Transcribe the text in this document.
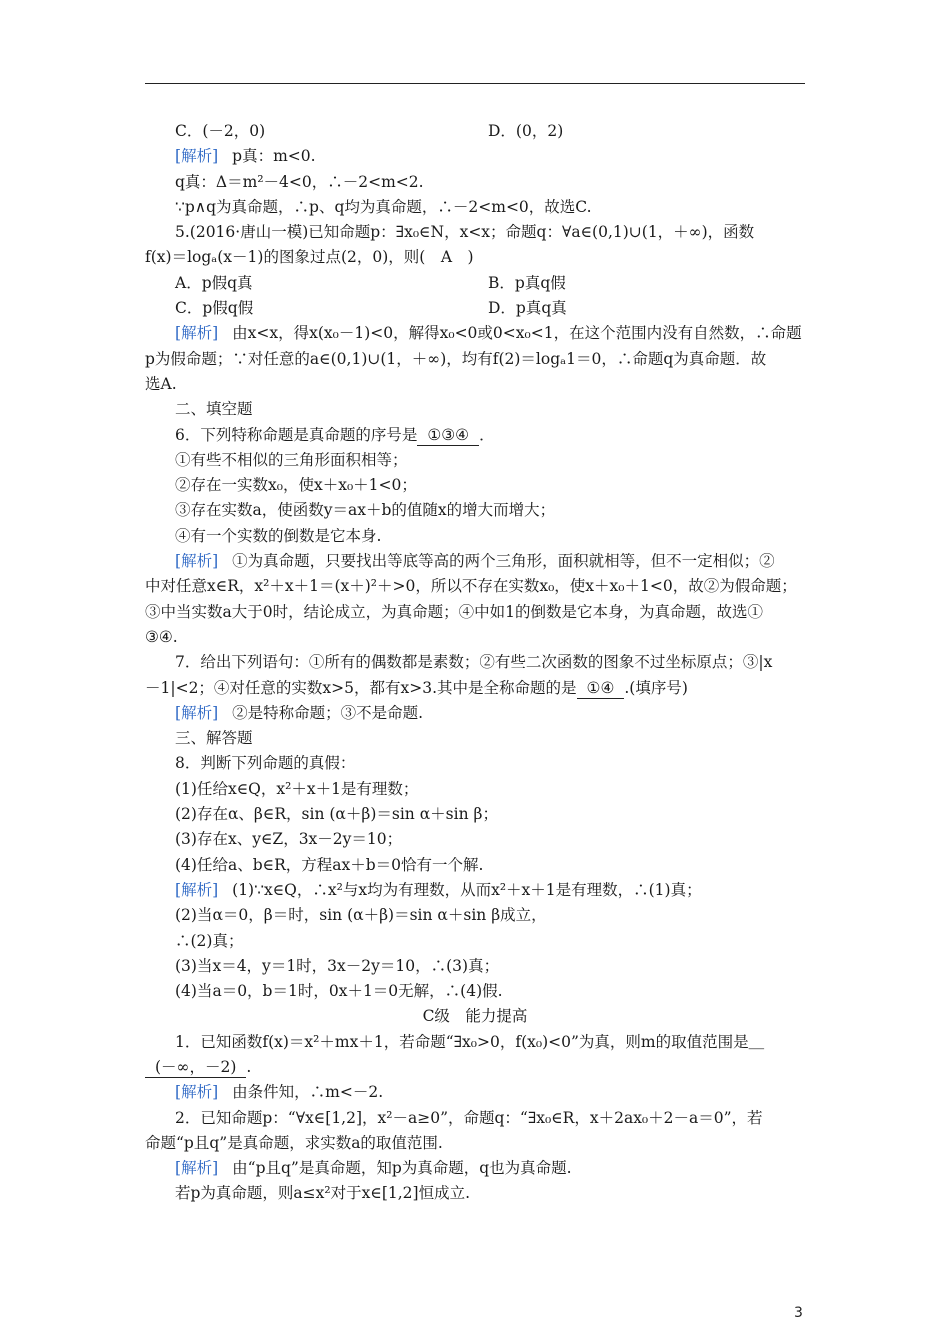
C．(－2，0)	D．(0，2)
[ 解析 ] p真：m<0.
q真：Δ＝m²－4<0，∴－2<m<2.
∵p∧q为真命题，∴p、q均为真命题，∴－2<m<0，故选C.
5.(2016·唐山一模)已知命题p：∃x₀∈N，x<x；命题q：∀a∈(0,1)∪(1，＋∞)，函数
f(x)＝logₐ(x－1)的图象过点(2，0)，则(　A　)
A．p假q真	B．p真q假
C．p假q假	D．p真q真
[ 解析 ] 由x<x，得x(x₀－1)<0，解得x₀<0或0<x₀<1，在这个范围内没有自然数，∴命题
p为假命题；∵对任意的a∈(0,1)∪(1，＋∞)，均有f(2)＝logₐ1＝0，∴命题q为真命题．故
选A.
二、填空题
6．下列特称命题是真命题的序号是 ①③④ ．
①有些不相似的三角形面积相等；
②存在一实数x₀，使x＋x₀＋1<0；
③存在实数a，使函数y＝ax＋b的值随x的增大而增大；
④有一个实数的倒数是它本身.
[ 解析 ] ①为真命题，只要找出等底等高的两个三角形，面积就相等，但不一定相似；②
中对任意x∈R，x²＋x＋1＝(x＋)²＋>0，所以不存在实数x₀，使x＋x₀＋1<0，故②为假命题；
③中当实数a大于0时，结论成立，为真命题；④中如1的倒数是它本身，为真命题，故选①
③④.
7．给出下列语句：①所有的偶数都是素数；②有些二次函数的图象不过坐标原点；③|x
－1|<2；④对任意的实数x>5，都有x>3.其中是全称命题的是 ①④ .(填序号)
[ 解析 ] ②是特称命题；③不是命题.
三、解答题
8．判断下列命题的真假：
(1)任给x∈Q，x²＋x＋1是有理数；
(2)存在α、β∈R，sin (α＋β)＝sin α＋sin β；
(3)存在x、y∈Z，3x－2y＝10；
(4)任给a、b∈R，方程ax＋b＝0恰有一个解.
[ 解析 ] (1)∵x∈Q，∴x²与x均为有理数，从而x²＋x＋1是有理数，∴(1)真；
(2)当α＝0，β＝时，sin (α＋β)＝sin α＋sin β成立，
∴(2)真；
(3)当x＝4，y＝1时，3x－2y＝10，∴(3)真；
(4)当a＝0，b＝1时，0x＋1＝0无解，∴(4)假.
C级　能力提高
1．已知函数f(x)＝x²＋mx＋1，若命题“∃x₀>0，f(x₀)<0”为真，则m的取值范围是＿
(－∞，－2) .
[ 解析 ] 由条件知，∴m<－2.
2．已知命题p：“∀x∈[1,2]，x²－a≥0”，命题q：“∃x₀∈R，x＋2ax₀＋2－a＝0”，若
命题“p且q”是真命题，求实数a的取值范围.
[ 解析 ] 由“p且q”是真命题，知p为真命题，q也为真命题.
若p为真命题，则a≤x²对于x∈[1,2]恒成立.
3
